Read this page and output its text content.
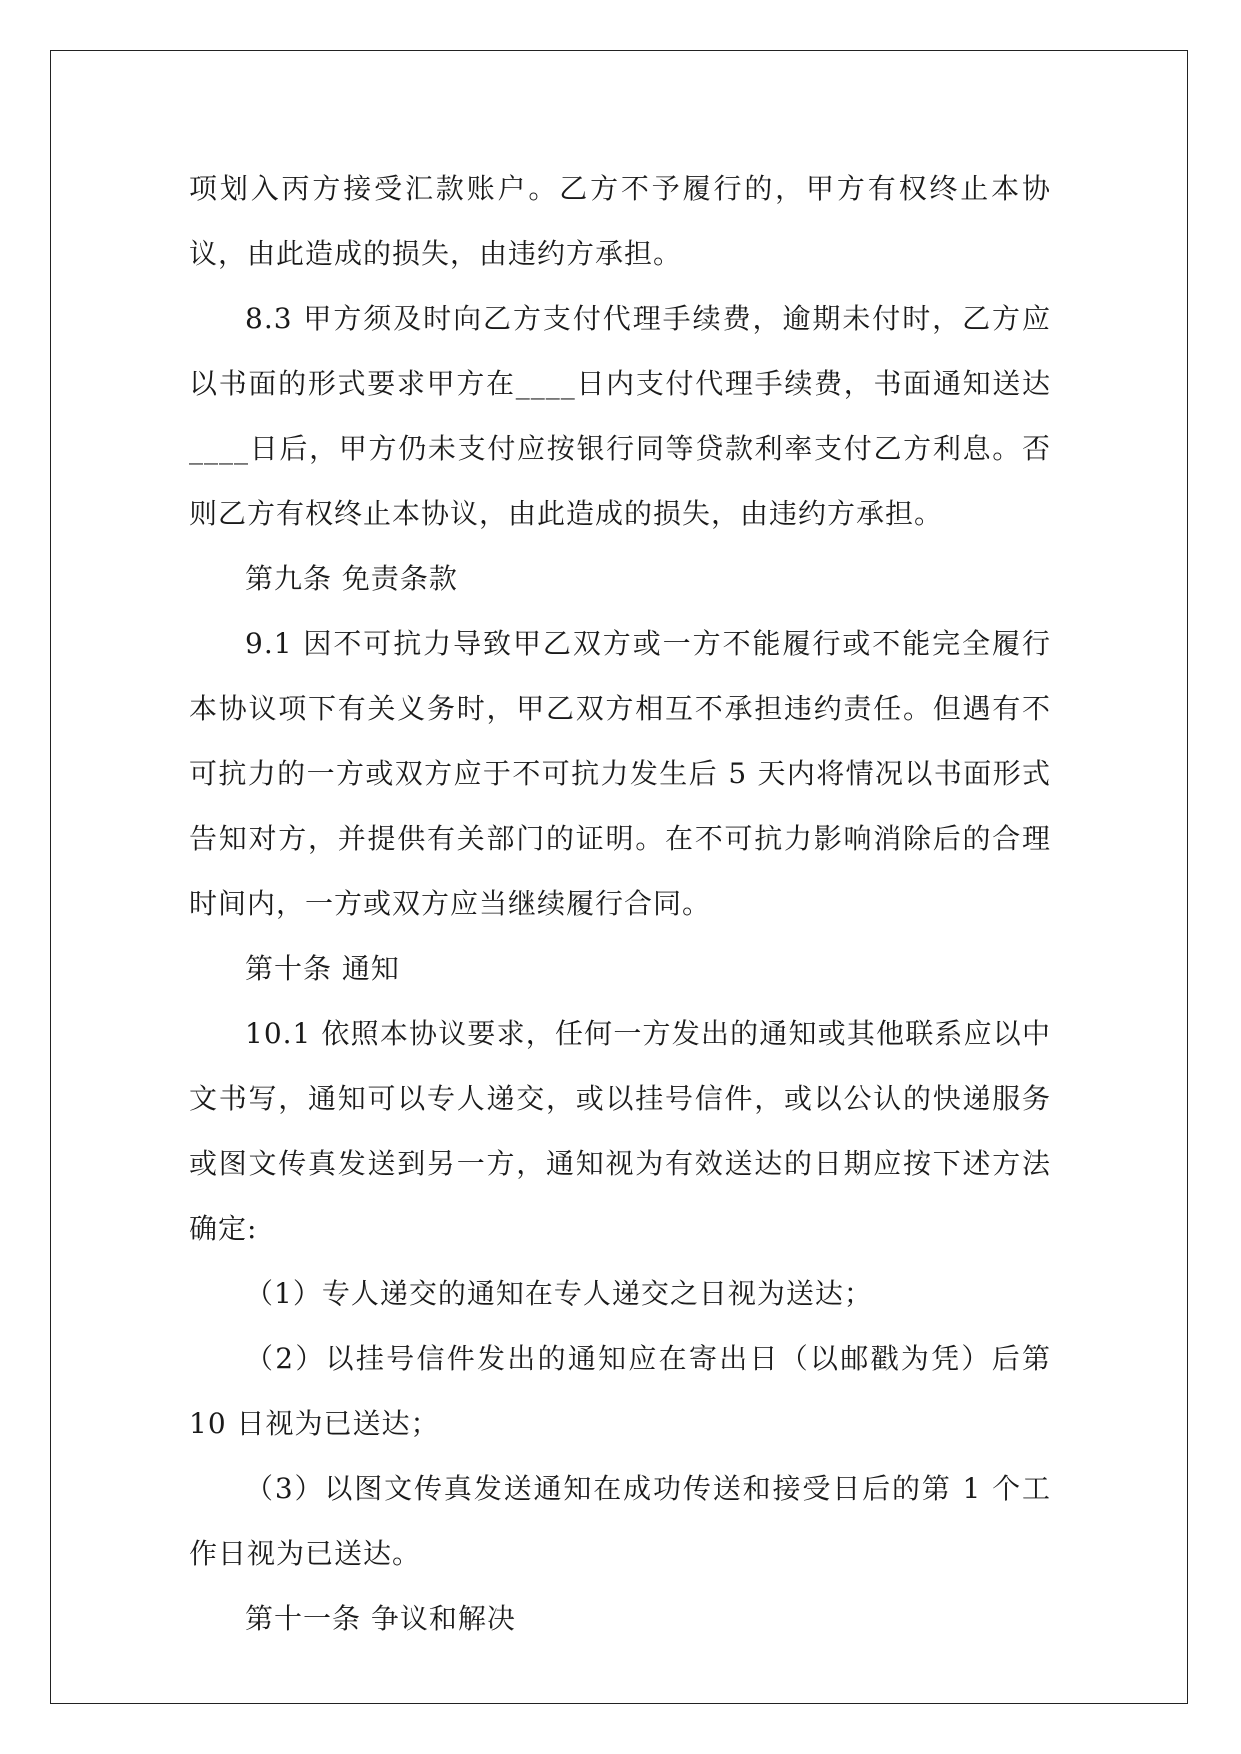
项划入丙方接受汇款账户。乙方不予履行的，甲方有权终止本协议，由此造成的损失，由违约方承担。

8.3 甲方须及时向乙方支付代理手续费，逾期未付时，乙方应以书面的形式要求甲方在____日内支付代理手续费，书面通知送达____日后，甲方仍未支付应按银行同等贷款利率支付乙方利息。否则乙方有权终止本协议，由此造成的损失，由违约方承担。

第九条 免责条款

9.1 因不可抗力导致甲乙双方或一方不能履行或不能完全履行本协议项下有关义务时，甲乙双方相互不承担违约责任。但遇有不可抗力的一方或双方应于不可抗力发生后 5 天内将情况以书面形式告知对方，并提供有关部门的证明。在不可抗力影响消除后的合理时间内，一方或双方应当继续履行合同。

第十条 通知

10.1 依照本协议要求，任何一方发出的通知或其他联系应以中文书写，通知可以专人递交，或以挂号信件，或以公认的快递服务或图文传真发送到另一方，通知视为有效送达的日期应按下述方法确定:

（1）专人递交的通知在专人递交之日视为送达；

（2）以挂号信件发出的通知应在寄出日（以邮戳为凭）后第 10 日视为已送达；

（3）以图文传真发送通知在成功传送和接受日后的第 1 个工作日视为已送达。

第十一条 争议和解决
